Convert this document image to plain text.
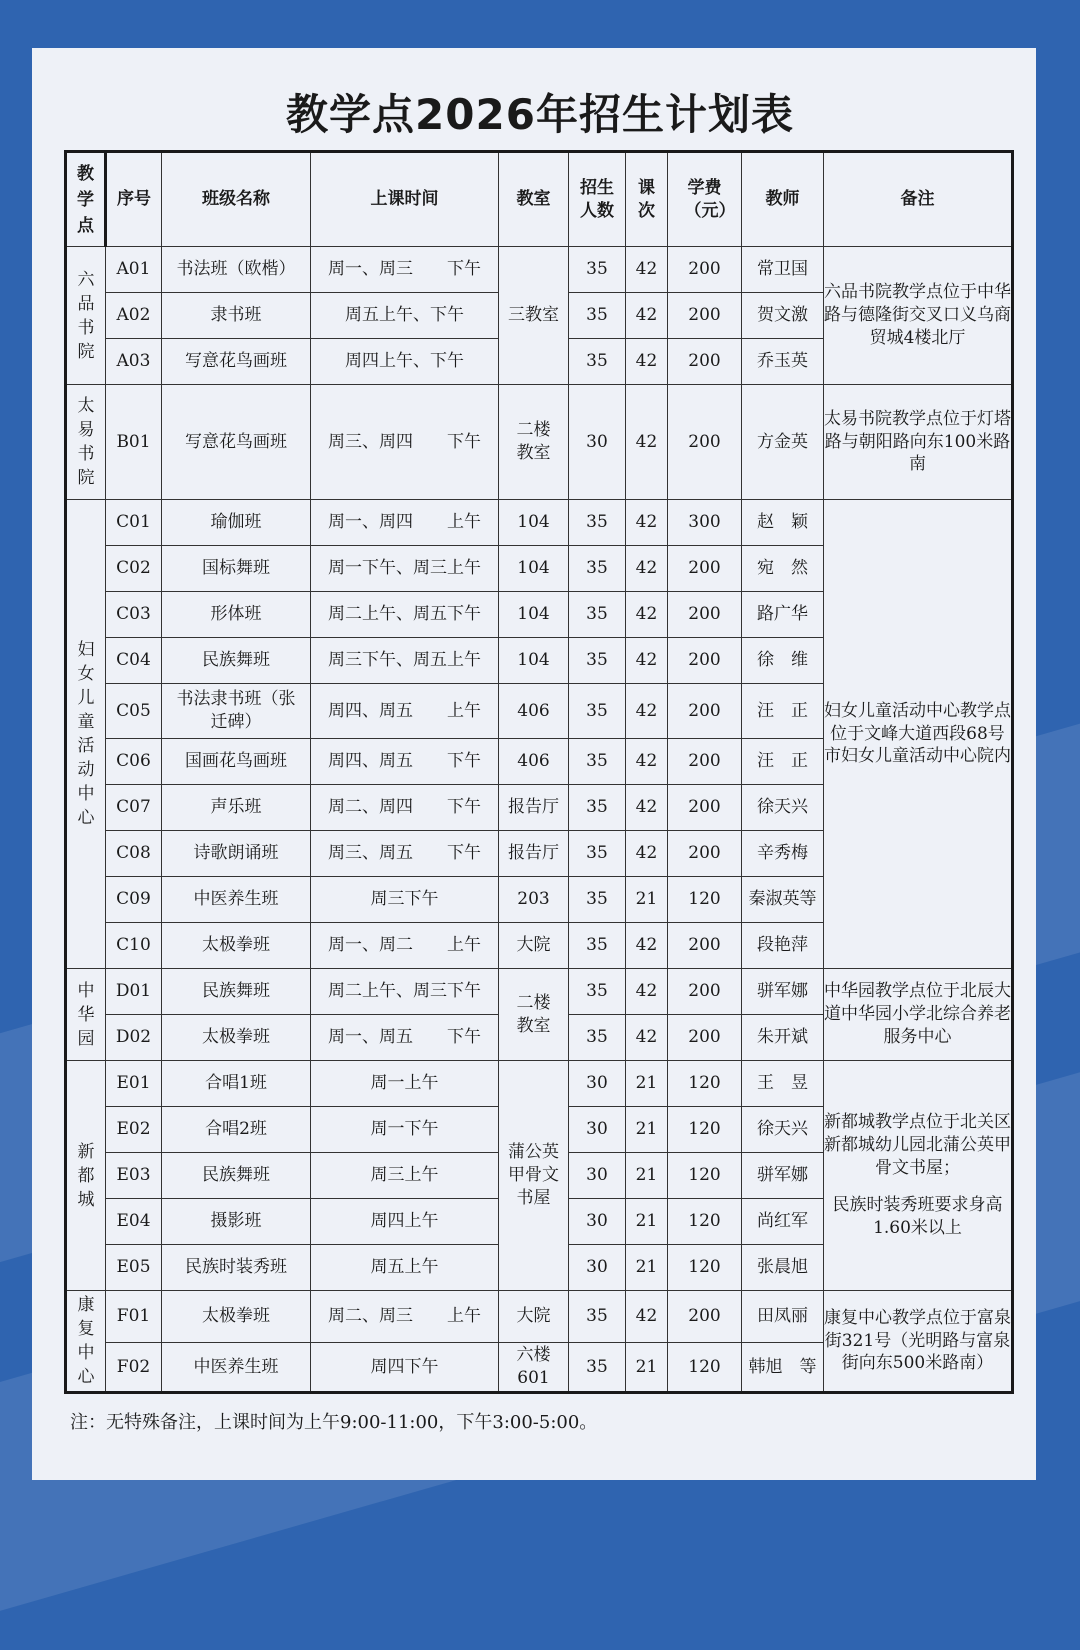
教学点2026年招生计划表
教学点	序号	班级名称	上课时间	教室	招生人数	课次	学费（元）	教师	备注
六品书院	A01	书法班（欧楷）	周一、周三　　下午	三教室	35	42	200	常卫国	六品书院教学点位于中华路与德隆街交叉口义乌商贸城4楼北厅
	A02	隶书班	周五上午、下午		35	42	200	贺文激	
	A03	写意花鸟画班	周四上午、下午		35	42	200	乔玉英	
太易书院	B01	写意花鸟画班	周三、周四　　下午	二楼教室	30	42	200	方金英	太易书院教学点位于灯塔路与朝阳路向东100米路南
妇女儿童活动中心	C01	瑜伽班	周一、周四　　上午	104	35	42	300	赵　颖	妇女儿童活动中心教学点位于文峰大道西段68号市妇女儿童活动中心院内
	C02	国标舞班	周一下午、周三上午	104	35	42	200	宛　然	
	C03	形体班	周二上午、周五下午	104	35	42	200	路广华	
	C04	民族舞班	周三下午、周五上午	104	35	42	200	徐　维	
	C05	书法隶书班（张迁碑）	周四、周五　　上午	406	35	42	200	汪　正	
	C06	国画花鸟画班	周四、周五　　下午	406	35	42	200	汪　正	
	C07	声乐班	周二、周四　　下午	报告厅	35	42	200	徐天兴	
	C08	诗歌朗诵班	周三、周五　　下午	报告厅	35	42	200	辛秀梅	
	C09	中医养生班	周三下午	203	35	21	120	秦淑英等	
	C10	太极拳班	周一、周二　　上午	大院	35	42	200	段艳萍	
中华园	D01	民族舞班	周二上午、周三下午	二楼教室	35	42	200	骈军娜	中华园教学点位于北辰大道中华园小学北综合养老服务中心
	D02	太极拳班	周一、周五　　下午		35	42	200	朱开斌	
新都城	E01	合唱1班	周一上午	蒲公英甲骨文书屋	30	21	120	王　昱	新都城教学点位于北关区新都城幼儿园北蒲公英甲骨文书屋；

民族时装秀班要求身高1.60米以上

	E02	合唱2班	周一下午		30	21	120	徐天兴	
	E03	民族舞班	周三上午		30	21	120	骈军娜	
	E04	摄影班	周四上午		30	21	120	尚红军	
	E05	民族时装秀班	周五上午		30	21	120	张晨旭	
康复中心	F01	太极拳班	周二、周三　　上午	大院	35	42	200	田凤丽	康复中心教学点位于富泉街321号（光明路与富泉街向东500米路南）
	F02	中医养生班	周四下午	六楼601	35	21	120	韩旭　等	
注：无特殊备注，上课时间为上午9:00-11:00，下午3:00-5:00。
